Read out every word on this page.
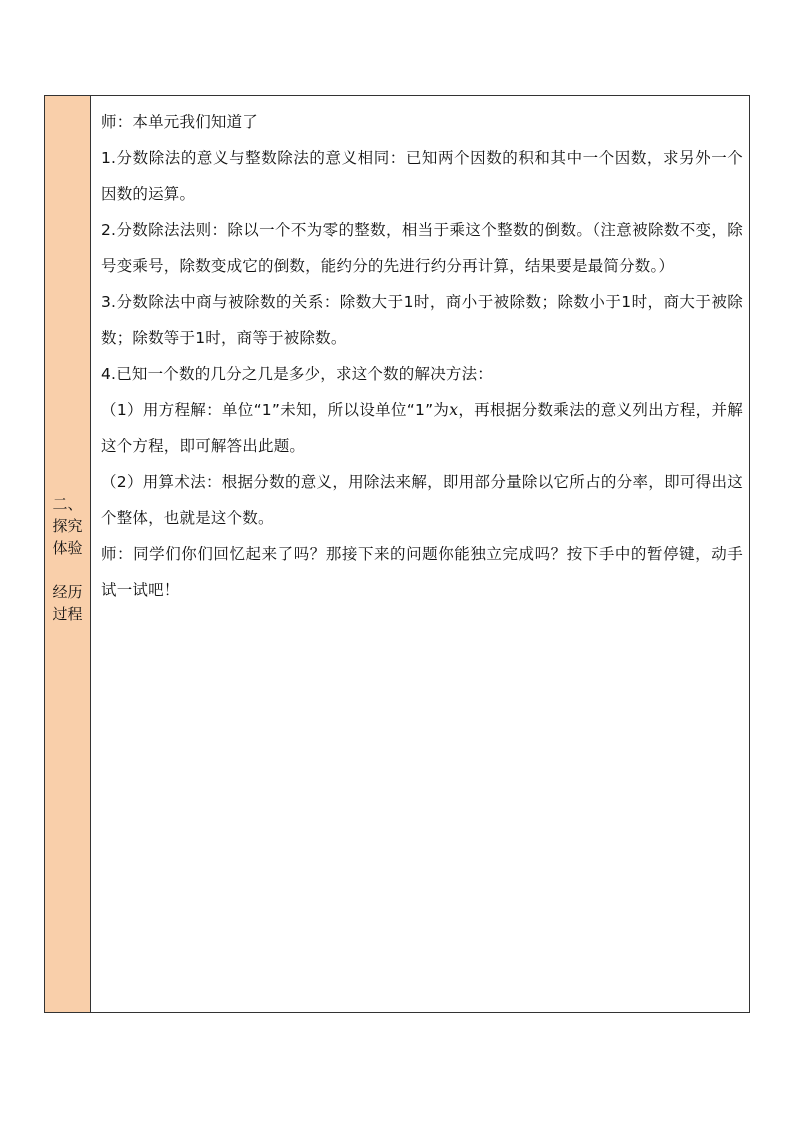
二、
探究
体验
经历
过程

师：本单元我们知道了

1.分数除法的意义与整数除法的意义相同：已知两个因数的积和其中一个因数，求另外一个因数的运算。

2.分数除法法则：除以一个不为零的整数，相当于乘这个整数的倒数。（注意被除数不变，除号变乘号，除数变成它的倒数，能约分的先进行约分再计算，结果要是最简分数。）

3.分数除法中商与被除数的关系：除数大于1时，商小于被除数；除数小于1时，商大于被除数；除数等于1时，商等于被除数。

4.已知一个数的几分之几是多少，求这个数的解决方法：

（1）用方程解：单位“1”未知，所以设单位“1”为x，再根据分数乘法的意义列出方程，并解这个方程，即可解答出此题。

（2）用算术法：根据分数的意义，用除法来解，即用部分量除以它所占的分率，即可得出这个整体，也就是这个数。

师：同学们你们回忆起来了吗？那接下来的问题你能独立完成吗？按下手中的暂停键，动手试一试吧！
